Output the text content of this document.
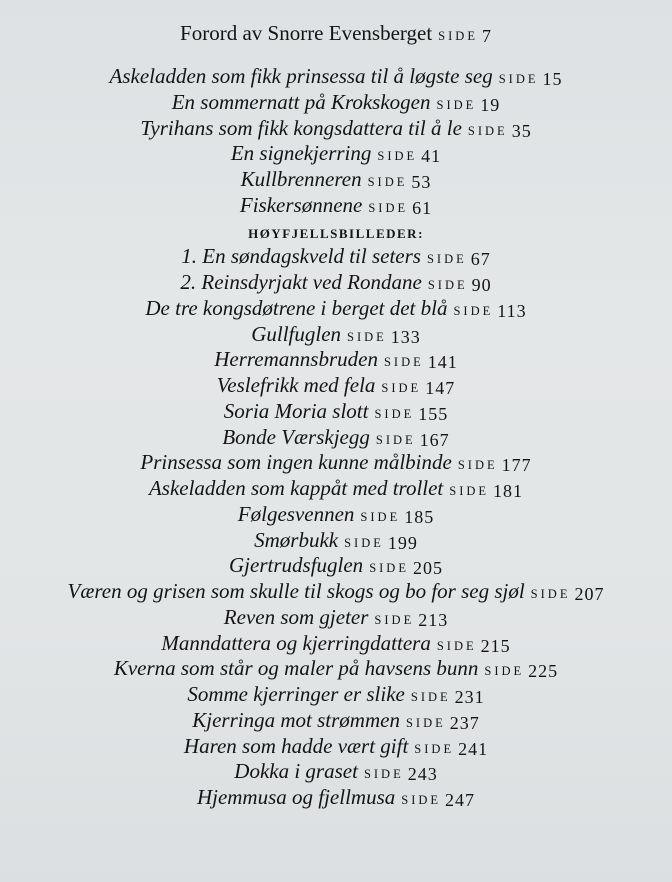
Forord av Snorre Evensberget SIDE 7
Askeladden som fikk prinsessa til å løgste seg SIDE 15
En sommernatt på Krokskogen SIDE 19
Tyrihans som fikk kongsdattera til å le SIDE 35
En signekjerring SIDE 41
Kullbrenneren SIDE 53
Fiskersønnene SIDE 61
HØYFJELLSBILLEDER:
1. En søndagskveld til seters SIDE 67
2. Reinsdyrjakt ved Rondane SIDE 90
De tre kongsdøtrene i berget det blå SIDE 113
Gullfuglen SIDE 133
Herremannsbruden SIDE 141
Veslefrikk med fela SIDE 147
Soria Moria slott SIDE 155
Bonde Værskjegg SIDE 167
Prinsessa som ingen kunne målbinde SIDE 177
Askeladden som kappåt med trollet SIDE 181
Følgesvennen SIDE 185
Smørbukk SIDE 199
Gjertrudsfuglen SIDE 205
Væren og grisen som skulle til skogs og bo for seg sjøl SIDE 207
Reven som gjeter SIDE 213
Manndattera og kjerringdattera SIDE 215
Kverna som står og maler på havsens bunn SIDE 225
Somme kjerringer er slike SIDE 231
Kjerringa mot strømmen SIDE 237
Haren som hadde vært gift SIDE 241
Dokka i graset SIDE 243
Hjemmusa og fjellmusa SIDE 247
